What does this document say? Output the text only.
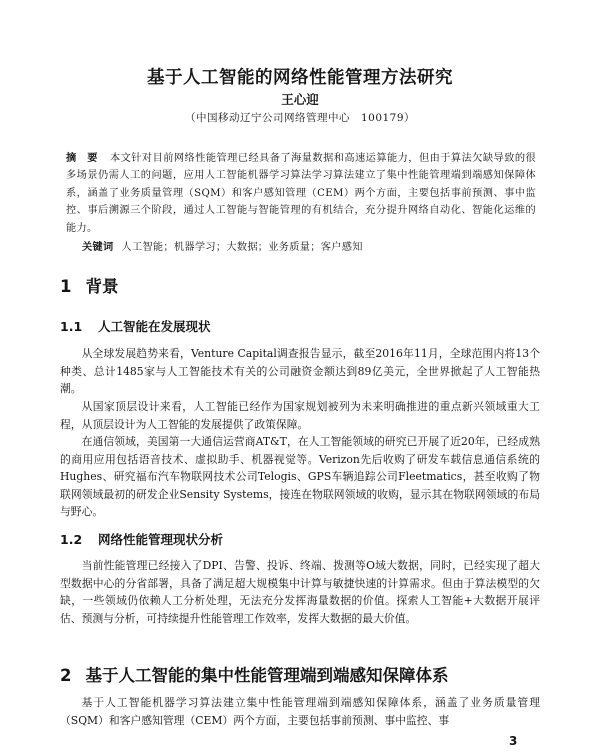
基于人工智能的网络性能管理方法研究
王心迎
（中国移动辽宁公司网络管理中心　100179）
摘　要 本文针对目前网络性能管理已经具备了海量数据和高速运算能力，但由于算法欠缺导致的很多场景仍需人工的问题，应用人工智能机器学习算法学习算法建立了集中性能管理端到端感知保障体系，涵盖了业务质量管理（SQM）和客户感知管理（CEM）两个方面，主要包括事前预测、事中监控、事后溯源三个阶段，通过人工智能与智能管理的有机结合，充分提升网络自动化、智能化运维的能力。
关键词 人工智能；机器学习；大数据；业务质量；客户感知
1 背景
1.1 人工智能在发展现状
从全球发展趋势来看，Venture Capital调查报告显示，截至2016年11月，全球范围内将13个种类、总计1485家与人工智能技术有关的公司融资金额达到89亿美元，全世界掀起了人工智能热潮。
从国家顶层设计来看，人工智能已经作为国家规划被列为未来明确推进的重点新兴领域重大工程，从顶层设计为人工智能的发展提供了政策保障。
在通信领域，美国第一大通信运营商AT&T，在人工智能领域的研究已开展了近20年，已经成熟的商用应用包括语音技术、虚拟助手、机器视觉等。Verizon先后收购了研发车载信息通信系统的Hughes、研究福布汽车物联网技术公司Telogis、GPS车辆追踪公司Fleetmatics，甚至收购了物联网领域最初的研发企业Sensity Systems，接连在物联网领域的收购，显示其在物联网领域的布局与野心。
1.2 网络性能管理现状分析
当前性能管理已经接入了DPI、告警、投诉、终端、拨测等O域大数据，同时，已经实现了超大型数据中心的分省部署，具备了满足超大规模集中计算与敏捷快速的计算需求。但由于算法模型的欠缺，一些领域仍依赖人工分析处理，无法充分发挥海量数据的价值。探索人工智能+大数据开展评估、预测与分析，可持续提升性能管理工作效率，发挥大数据的最大价值。
2 基于人工智能的集中性能管理端到端感知保障体系
基于人工智能机器学习算法建立集中性能管理端到端感知保障体系，涵盖了业务质量管理（SQM）和客户感知管理（CEM）两个方面，主要包括事前预测、事中监控、事
3
